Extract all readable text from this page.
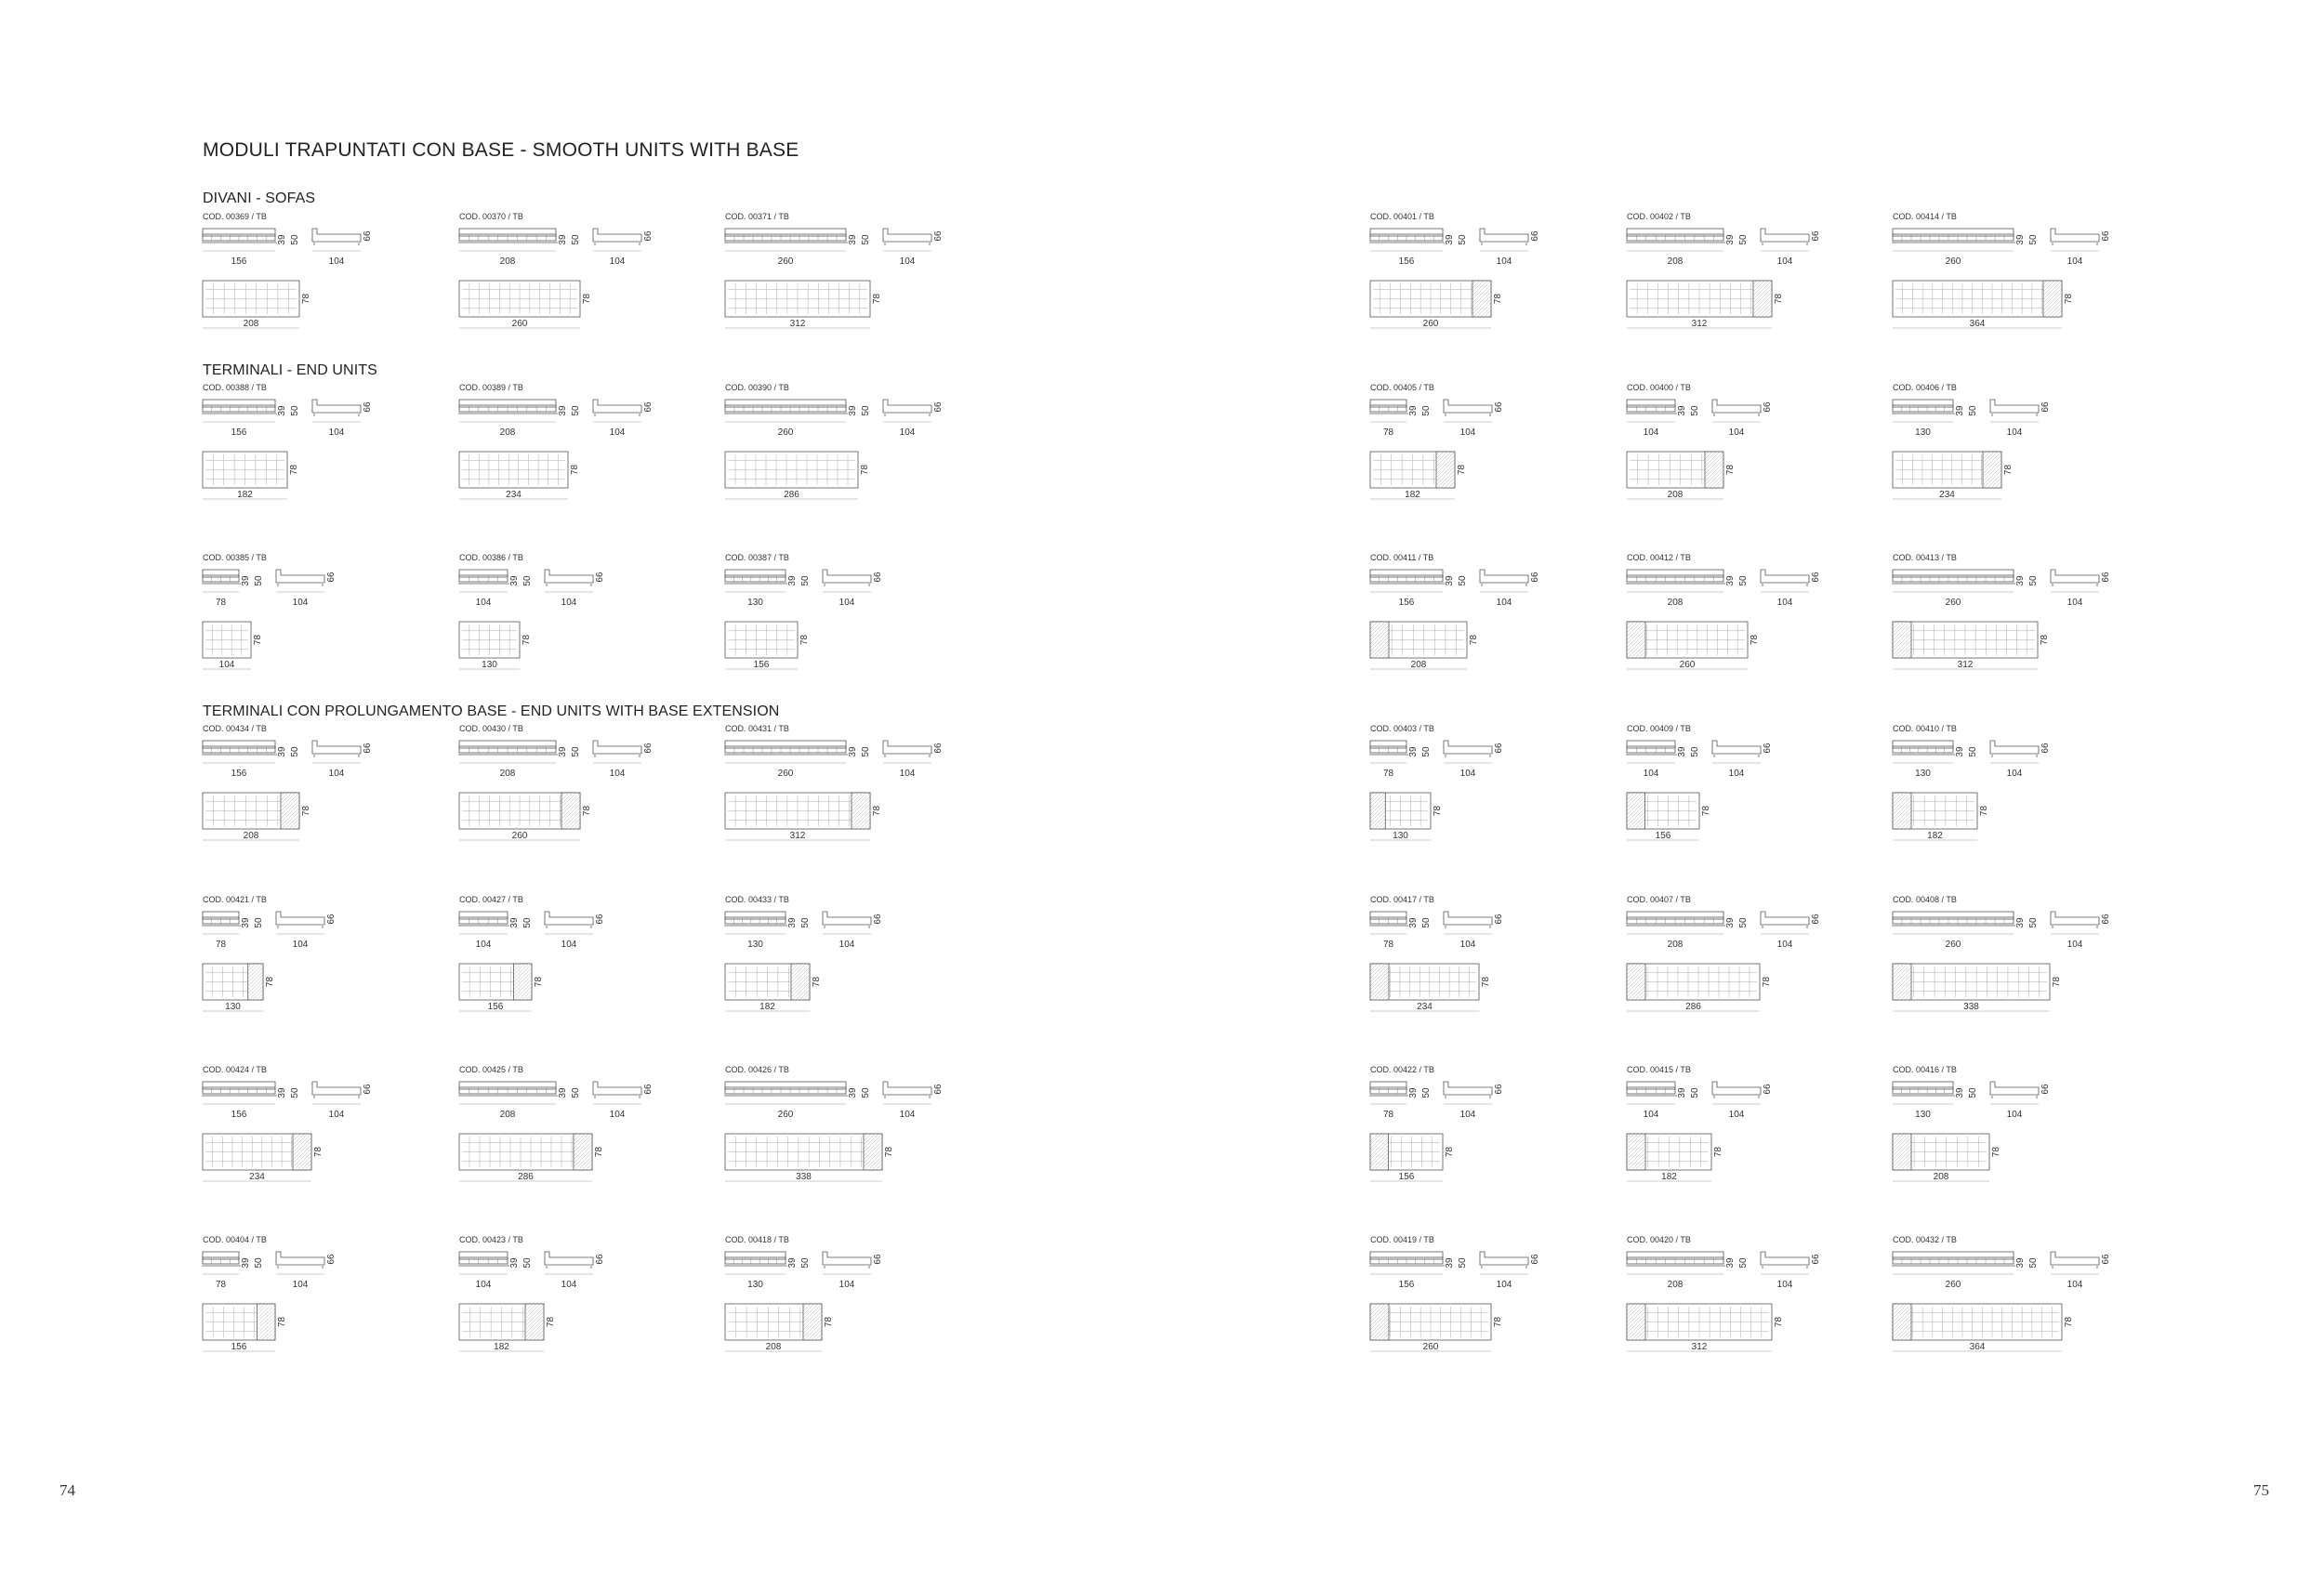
MODULI TRAPUNTATI CON BASE - SMOOTH UNITS WITH BASE
DIVANI - SOFAS
TERMINALI - END UNITS
TERMINALI CON PROLUNGAMENTO BASE - END UNITS WITH BASE EXTENSION
COD. 00369 / TB
156
39 50
104
66
208
78
COD. 00370 / TB
208
39 50
104
66
260
78
COD. 00371 / TB
260
39 50
104
66
312
78
COD. 00401 / TB
156
39 50
104
66
260
78
COD. 00402 / TB
208
39 50
104
66
312
78
COD. 00414 / TB
260
39 50
104
66
364
78
COD. 00388 / TB
156
39 50
104
66
182
78
COD. 00389 / TB
208
39 50
104
66
234
78
COD. 00390 / TB
260
39 50
104
66
286
78
COD. 00405 / TB
78
39 50
104
66
182
78
COD. 00400 / TB
104
39 50
104
66
208
78
COD. 00406 / TB
130
39 50
104
66
234
78
COD. 00385 / TB
78
39 50
104
66
104
78
COD. 00386 / TB
104
39 50
104
66
130
78
COD. 00387 / TB
130
39 50
104
66
156
78
COD. 00411 / TB
156
39 50
104
66
208
78
COD. 00412 / TB
208
39 50
104
66
260
78
COD. 00413 / TB
260
39 50
104
66
312
78
COD. 00434 / TB
156
39 50
104
66
208
78
COD. 00430 / TB
208
39 50
104
66
260
78
COD. 00431 / TB
260
39 50
104
66
312
78
COD. 00403 / TB
78
39 50
104
66
130
78
COD. 00409 / TB
104
39 50
104
66
156
78
COD. 00410 / TB
130
39 50
104
66
182
78
COD. 00421 / TB
78
39 50
104
66
130
78
COD. 00427 / TB
104
39 50
104
66
156
78
COD. 00433 / TB
130
39 50
104
66
182
78
COD. 00417 / TB
78
39 50
104
66
234
78
COD. 00407 / TB
208
39 50
104
66
286
78
COD. 00408 / TB
260
39 50
104
66
338
78
COD. 00424 / TB
156
39 50
104
66
234
78
COD. 00425 / TB
208
39 50
104
66
286
78
COD. 00426 / TB
260
39 50
104
66
338
78
COD. 00422 / TB
78
39 50
104
66
156
78
COD. 00415 / TB
104
39 50
104
66
182
78
COD. 00416 / TB
130
39 50
104
66
208
78
COD. 00404 / TB
78
39 50
104
66
156
78
COD. 00423 / TB
104
39 50
104
66
182
78
COD. 00418 / TB
130
39 50
104
66
208
78
COD. 00419 / TB
156
39 50
104
66
260
78
COD. 00420 / TB
208
39 50
104
66
312
78
COD. 00432 / TB
260
39 50
104
66
364
78
74	75
